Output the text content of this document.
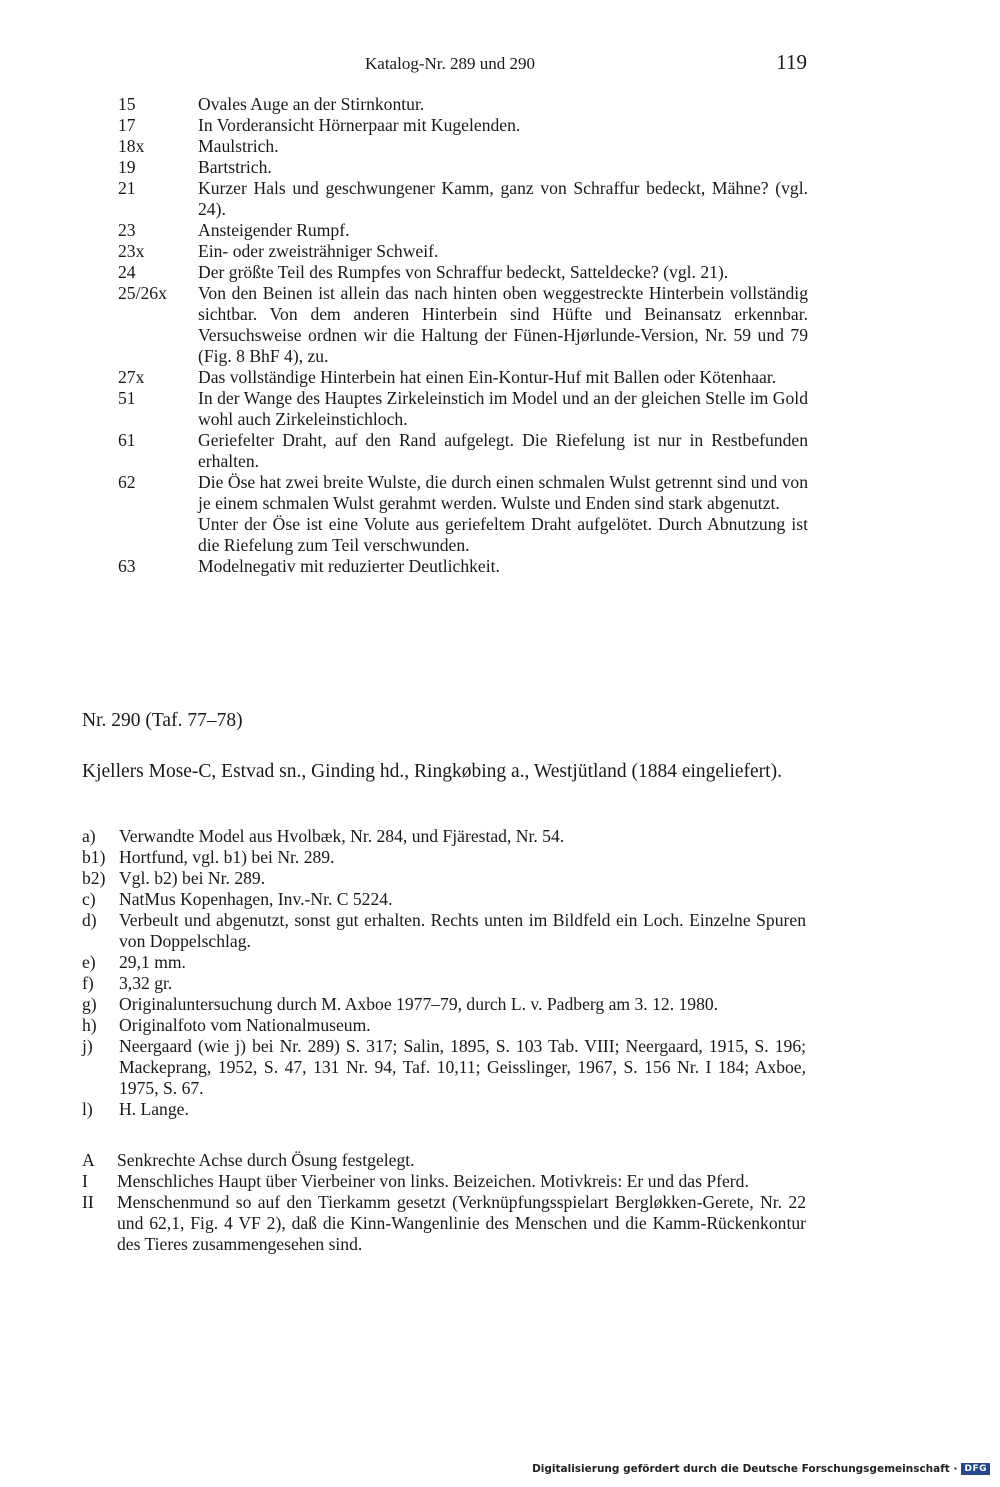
Katalog-Nr. 289 und 290	119
15	Ovales Auge an der Stirnkontur.
17	In Vorderansicht Hörnerpaar mit Kugelenden.
18x	Maulstrich.
19	Bartstrich.
21	Kurzer Hals und geschwungener Kamm, ganz von Schraffur bedeckt, Mähne? (vgl. 24).
23	Ansteigender Rumpf.
23x	Ein- oder zweisträhniger Schweif.
24	Der größte Teil des Rumpfes von Schraffur bedeckt, Satteldecke? (vgl. 21).
25/26x	Von den Beinen ist allein das nach hinten oben weggestreckte Hinterbein vollständig sichtbar. Von dem anderen Hinterbein sind Hüfte und Beinansatz erkennbar. Versuchsweise ordnen wir die Haltung der Fünen-Hjørlunde-Version, Nr. 59 und 79 (Fig. 8 BhF 4), zu.
27x	Das vollständige Hinterbein hat einen Ein-Kontur-Huf mit Ballen oder Kötenhaar.
51	In der Wange des Hauptes Zirkeleinstich im Model und an der gleichen Stelle im Gold wohl auch Zirkeleinstichloch.
61	Geriefelter Draht, auf den Rand aufgelegt. Die Riefelung ist nur in Restbefunden erhalten.
62	Die Öse hat zwei breite Wulste, die durch einen schmalen Wulst getrennt sind und von je einem schmalen Wulst gerahmt werden. Wulste und Enden sind stark abgenutzt.
Unter der Öse ist eine Volute aus geriefeltem Draht aufgelötet. Durch Abnutzung ist die Riefelung zum Teil verschwunden.
63	Modelnegativ mit reduzierter Deutlichkeit.
Nr. 290 (Taf. 77–78)
Kjellers Mose-C, Estvad sn., Ginding hd., Ringkøbing a., Westjütland (1884 eingeliefert).
a)	Verwandte Model aus Hvolbæk, Nr. 284, und Fjärestad, Nr. 54.
b1) Hortfund, vgl. b1) bei Nr. 289.
b2) Vgl. b2) bei Nr. 289.
c)	NatMus Kopenhagen, Inv.-Nr. C 5224.
d)	Verbeult und abgenutzt, sonst gut erhalten. Rechts unten im Bildfeld ein Loch. Einzelne Spuren von Doppelschlag.
e)	29,1 mm.
f)	3,32 gr.
g)	Originaluntersuchung durch M. Axboe 1977–79, durch L. v. Padberg am 3. 12. 1980.
h)	Originalfoto vom Nationalmuseum.
j)	Neergaard (wie j) bei Nr. 289) S. 317; Salin, 1895, S. 103 Tab. VIII; Neergaard, 1915, S. 196; Mackeprang, 1952, S. 47, 131 Nr. 94, Taf. 10,11; Geisslinger, 1967, S. 156 Nr. I 184; Axboe, 1975, S. 67.
l)	H. Lange.
A	Senkrechte Achse durch Ösung festgelegt.
I	Menschliches Haupt über Vierbeiner von links. Beizeichen. Motivkreis: Er und das Pferd.
II	Menschenmund so auf den Tierkamm gesetzt (Verknüpfungsspielart Bergløkken-Gerete, Nr. 22 und 62,1, Fig. 4 VF 2), daß die Kinn-Wangenlinie des Menschen und die Kamm-Rückenkontur des Tieres zusammengesehen sind.
Digitalisierung gefördert durch die Deutsche Forschungsgemeinschaft · DFG
